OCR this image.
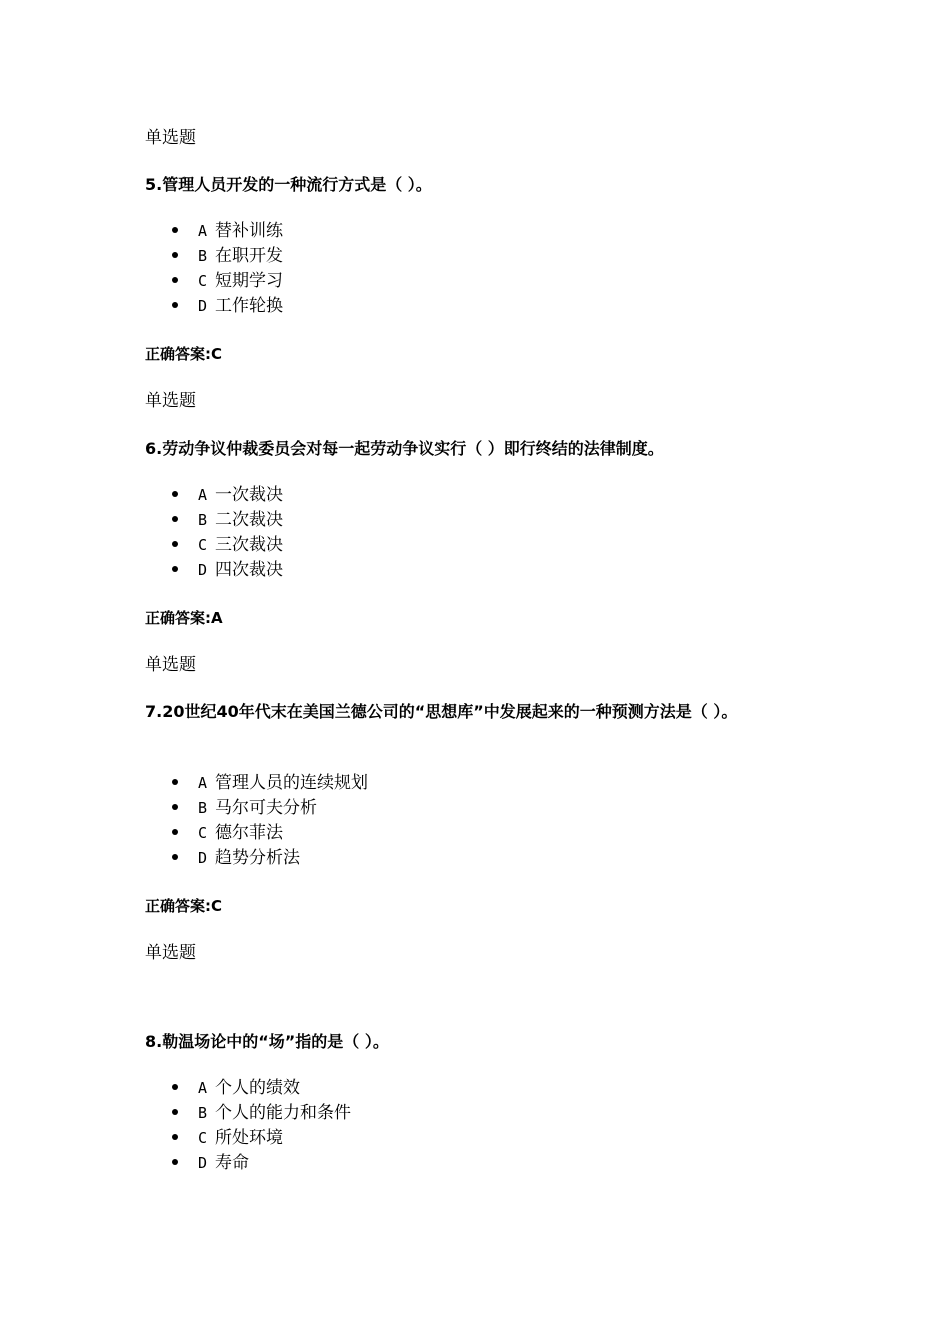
单选题
5.管理人员开发的一种流行方式是（ ）。
A 替补训练
B 在职开发
C 短期学习
D 工作轮换
正确答案:C
单选题
6.劳动争议仲裁委员会对每一起劳动争议实行（ ）即行终结的法律制度。
A 一次裁决
B 二次裁决
C 三次裁决
D 四次裁决
正确答案:A
单选题
7.20世纪40年代末在美国兰德公司的“思想库”中发展起来的一种预测方法是（ ）。
A 管理人员的连续规划
B 马尔可夫分析
C 德尔菲法
D 趋势分析法
正确答案:C
单选题
8.勒温场论中的“场”指的是（ ）。
A 个人的绩效
B 个人的能力和条件
C 所处环境
D 寿命
